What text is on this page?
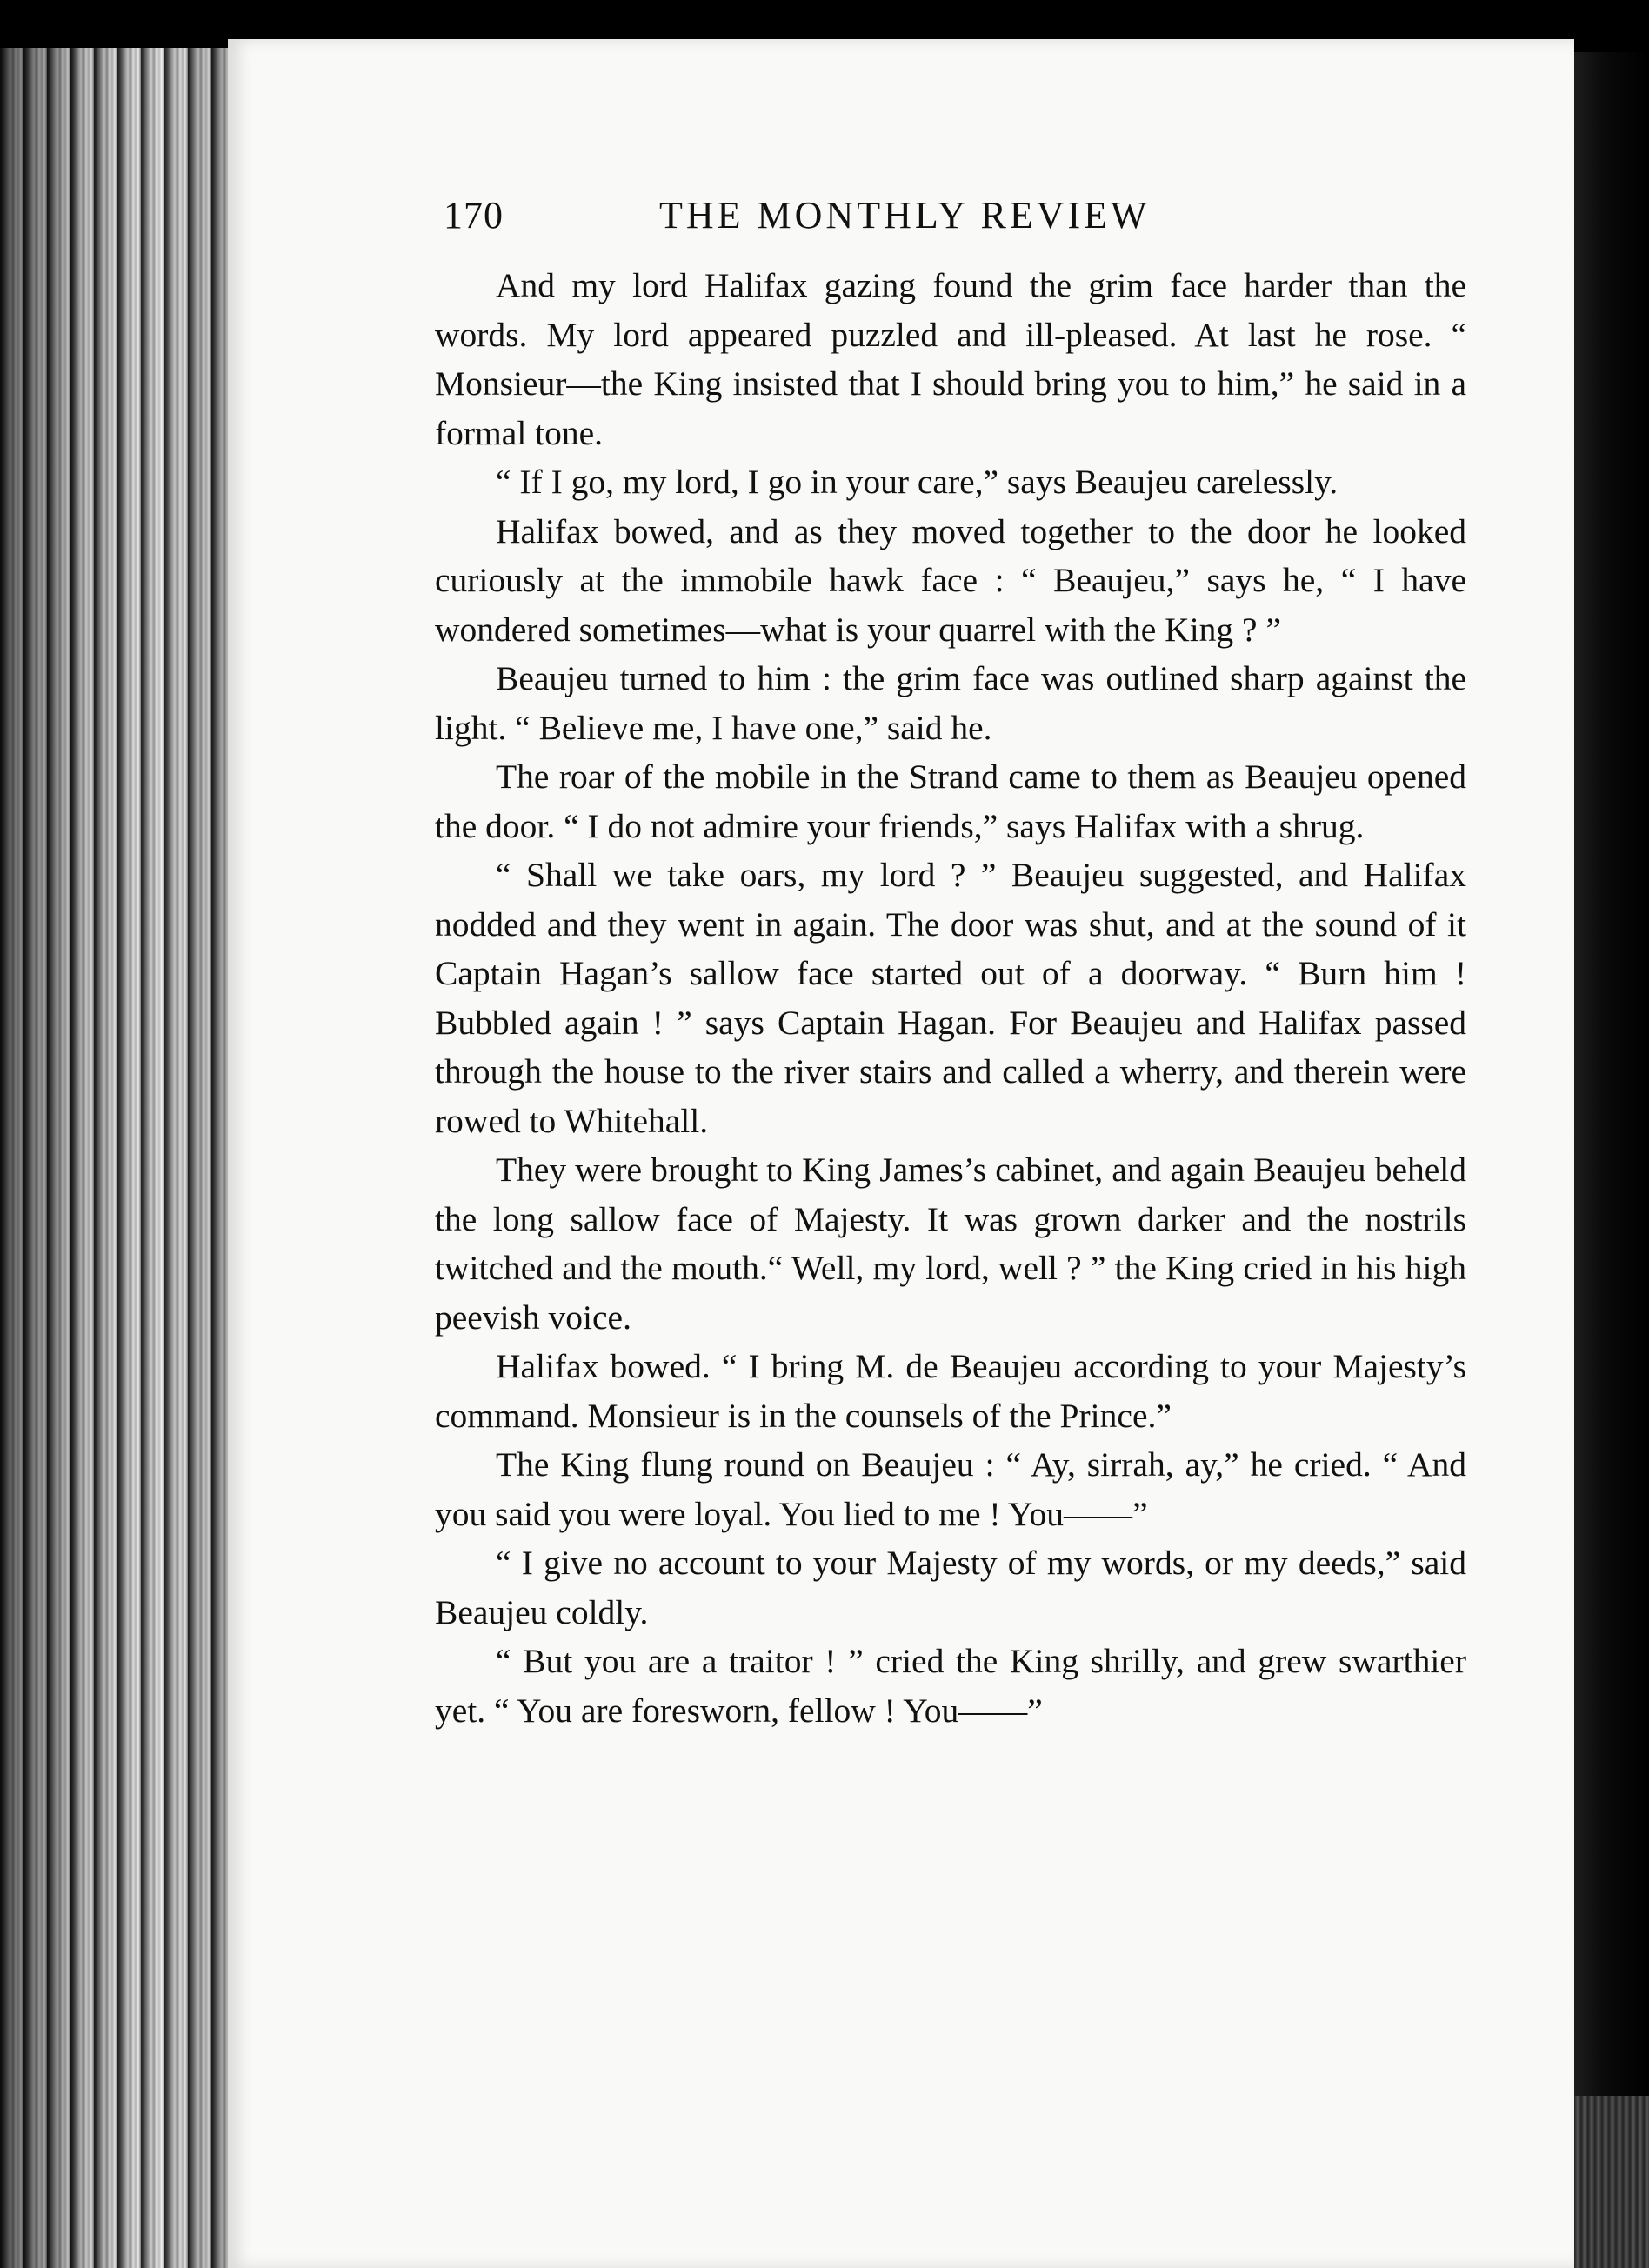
170	THE MONTHLY REVIEW

And my lord Halifax gazing found the grim face harder than the words. My lord appeared puzzled and ill-pleased. At last he rose. “ Monsieur—the King insisted that I should bring you to him,” he said in a formal tone.

“ If I go, my lord, I go in your care,” says Beaujeu carelessly.

Halifax bowed, and as they moved together to the door he looked curiously at the immobile hawk face : “ Beaujeu,” says he, “ I have wondered sometimes—what is your quarrel with the King ? ”

Beaujeu turned to him : the grim face was outlined sharp against the light. “ Believe me, I have one,” said he.

The roar of the mobile in the Strand came to them as Beaujeu opened the door. “ I do not admire your friends,” says Halifax with a shrug.

“ Shall we take oars, my lord ? ” Beaujeu suggested, and Halifax nodded and they went in again. The door was shut, and at the sound of it Captain Hagan’s sallow face started out of a doorway. “ Burn him ! Bubbled again ! ” says Captain Hagan. For Beaujeu and Halifax passed through the house to the river stairs and called a wherry, and therein were rowed to Whitehall.

They were brought to King James’s cabinet, and again Beaujeu beheld the long sallow face of Majesty. It was grown darker and the nostrils twitched and the mouth.“ Well, my lord, well ? ” the King cried in his high peevish voice.

Halifax bowed. “ I bring M. de Beaujeu according to your Majesty’s command. Monsieur is in the counsels of the Prince.”

The King flung round on Beaujeu : “ Ay, sirrah, ay,” he cried. “ And you said you were loyal. You lied to me ! You——”

“ I give no account to your Majesty of my words, or my deeds,” said Beaujeu coldly.

“ But you are a traitor ! ” cried the King shrilly, and grew swarthier yet. “ You are foresworn, fellow ! You——”
